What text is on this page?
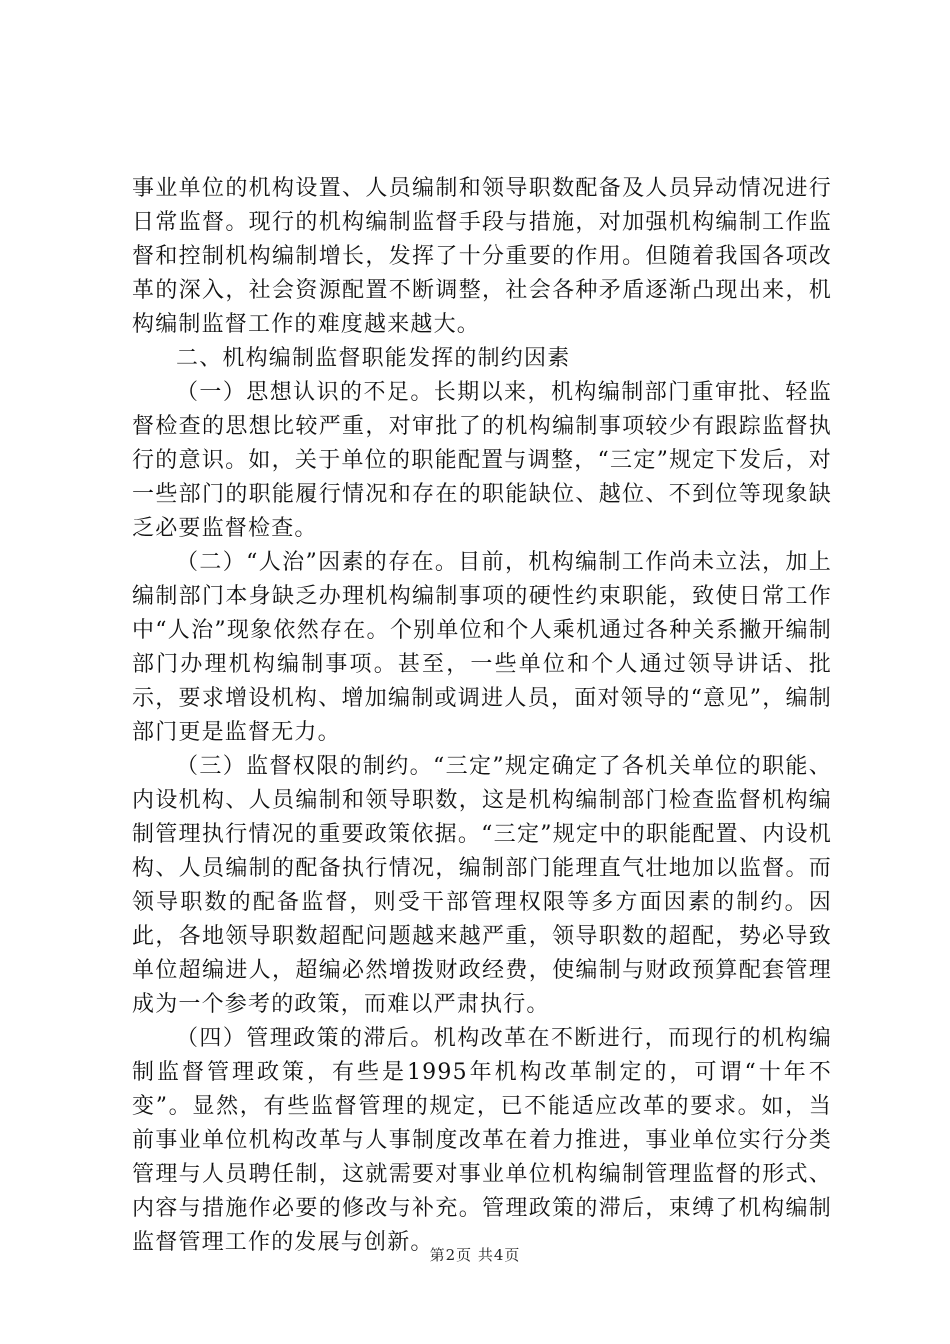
事业单位的机构设置、人员编制和领导职数配备及人员异动情况进行日常监督。现行的机构编制监督手段与措施，对加强机构编制工作监督和控制机构编制增长，发挥了十分重要的作用。但随着我国各项改革的深入，社会资源配置不断调整，社会各种矛盾逐渐凸现出来，机构编制监督工作的难度越来越大。

二、机构编制监督职能发挥的制约因素

（一）思想认识的不足。长期以来，机构编制部门重审批、轻监督检查的思想比较严重，对审批了的机构编制事项较少有跟踪监督执行的意识。如，关于单位的职能配置与调整，“三定”规定下发后，对一些部门的职能履行情况和存在的职能缺位、越位、不到位等现象缺乏必要监督检查。

（二）“人治”因素的存在。目前，机构编制工作尚未立法，加上编制部门本身缺乏办理机构编制事项的硬性约束职能，致使日常工作中“人治”现象依然存在。个别单位和个人乘机通过各种关系撇开编制部门办理机构编制事项。甚至，一些单位和个人通过领导讲话、批示，要求增设机构、增加编制或调进人员，面对领导的“意见”，编制部门更是监督无力。

（三）监督权限的制约。“三定”规定确定了各机关单位的职能、内设机构、人员编制和领导职数，这是机构编制部门检查监督机构编制管理执行情况的重要政策依据。“三定”规定中的职能配置、内设机构、人员编制的配备执行情况，编制部门能理直气壮地加以监督。而领导职数的配备监督，则受干部管理权限等多方面因素的制约。因此，各地领导职数超配问题越来越严重，领导职数的超配，势必导致单位超编进人，超编必然增拨财政经费，使编制与财政预算配套管理成为一个参考的政策，而难以严肃执行。

（四）管理政策的滞后。机构改革在不断进行，而现行的机构编制监督管理政策，有些是1995年机构改革制定的，可谓“十年不变”。显然，有些监督管理的规定，已不能适应改革的要求。如，当前事业单位机构改革与人事制度改革在着力推进，事业单位实行分类管理与人员聘任制，这就需要对事业单位机构编制管理监督的形式、内容与措施作必要的修改与补充。管理政策的滞后，束缚了机构编制监督管理工作的发展与创新。

第2页 共4页
